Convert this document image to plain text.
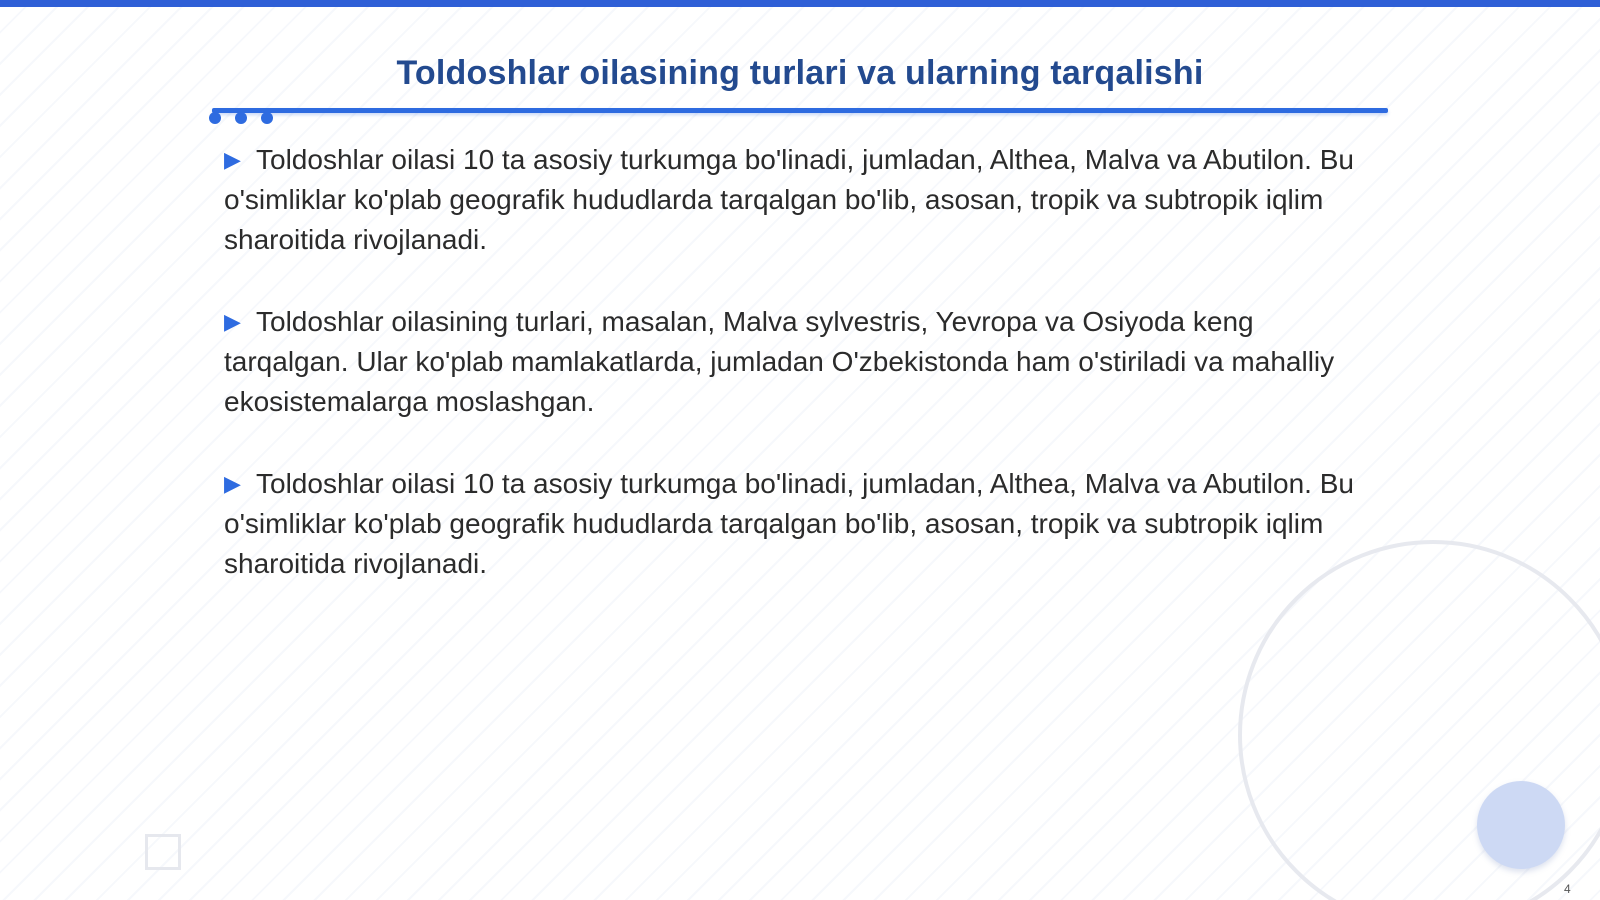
Toldoshlar oilasining turlari va ularning tarqalishi

▶ Toldoshlar oilasi 10 ta asosiy turkumga bo'linadi, jumladan, Althea, Malva va Abutilon. Bu o'simliklar ko'plab geografik hududlarda tarqalgan bo'lib, asosan, tropik va subtropik iqlim sharoitida rivojlanadi.

▶ Toldoshlar oilasining turlari, masalan, Malva sylvestris, Yevropa va Osiyoda keng tarqalgan. Ular ko'plab mamlakatlarda, jumladan O'zbekistonda ham o'stiriladi va mahalliy ekosistemalarga moslashgan.

▶ Toldoshlar oilasi 10 ta asosiy turkumga bo'linadi, jumladan, Althea, Malva va Abutilon. Bu o'simliklar ko'plab geografik hududlarda tarqalgan bo'lib, asosan, tropik va subtropik iqlim sharoitida rivojlanadi.

4
